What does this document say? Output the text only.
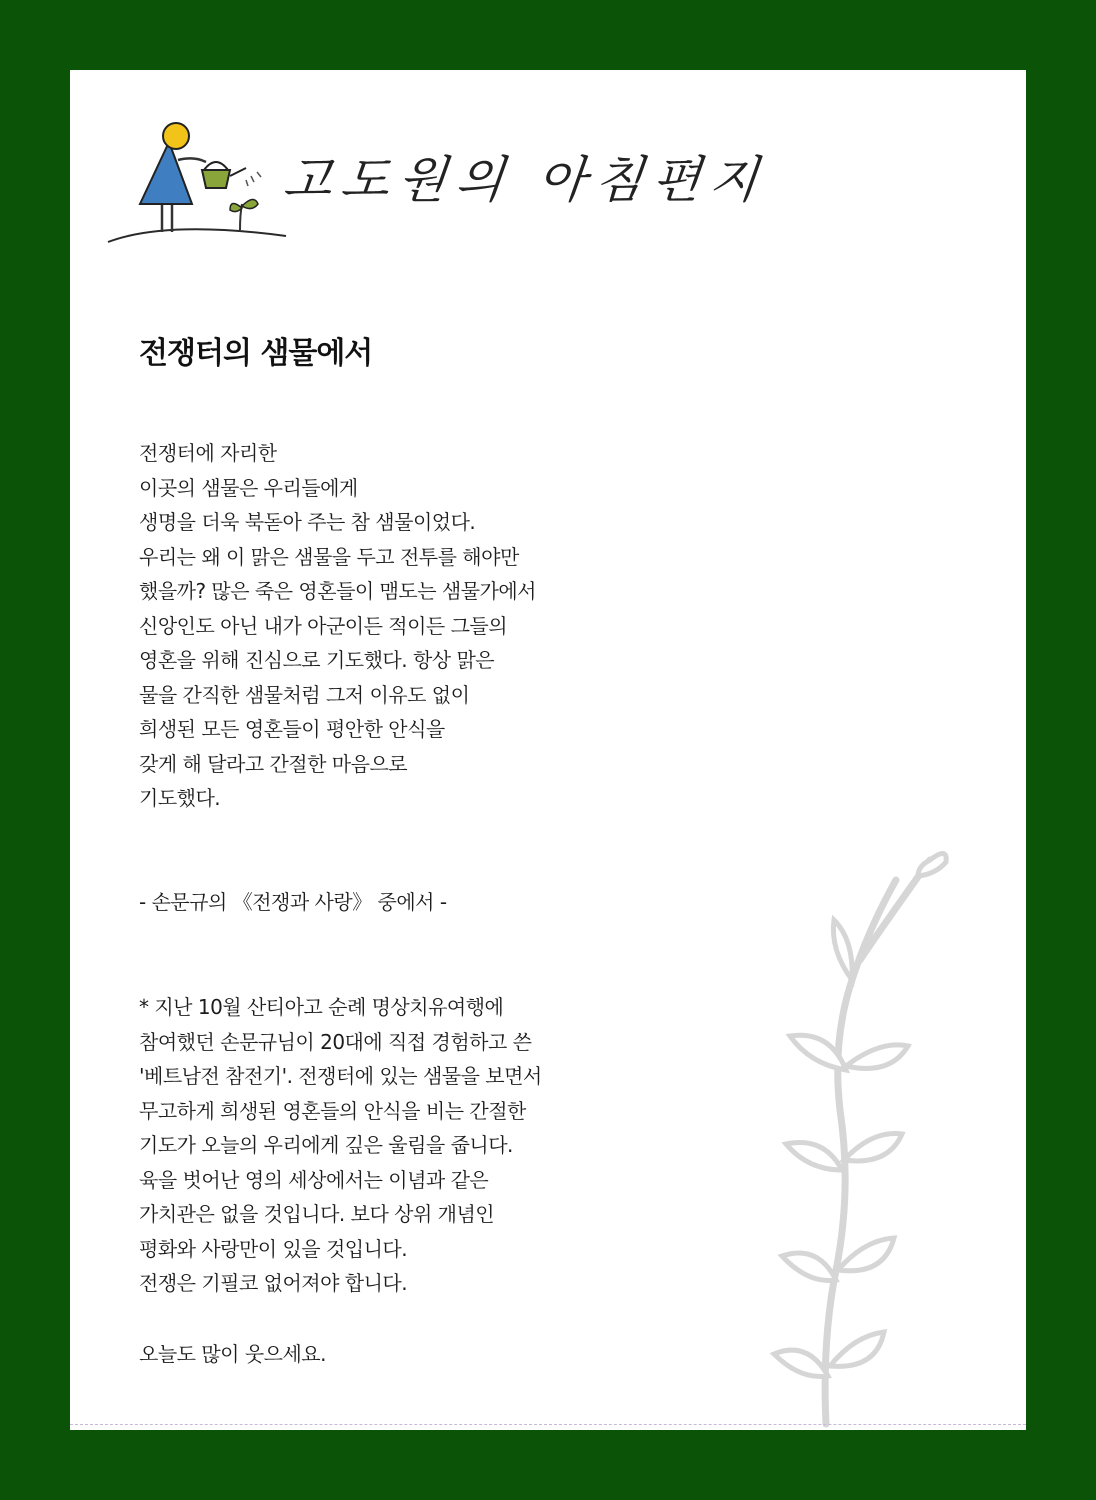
고도원의 아침편지
전쟁터의 샘물에서
전쟁터에 자리한
이곳의 샘물은 우리들에게
생명을 더욱 북돋아 주는 참 샘물이었다.
우리는 왜 이 맑은 샘물을 두고 전투를 해야만
했을까? 많은 죽은 영혼들이 맴도는 샘물가에서
신앙인도 아닌 내가 아군이든 적이든 그들의
영혼을 위해 진심으로 기도했다. 항상 맑은
물을 간직한 샘물처럼 그저 이유도 없이
희생된 모든 영혼들이 평안한 안식을
갖게 해 달라고 간절한 마음으로
기도했다.
- 손문규의 《전쟁과 사랑》 중에서 -
* 지난 10월 산티아고 순례 명상치유여행에
참여했던 손문규님이 20대에 직접 경험하고 쓴
'베트남전 참전기'. 전쟁터에 있는 샘물을 보면서
무고하게 희생된 영혼들의 안식을 비는 간절한
기도가 오늘의 우리에게 깊은 울림을 줍니다.
육을 벗어난 영의 세상에서는 이념과 같은
가치관은 없을 것입니다. 보다 상위 개념인
평화와 사랑만이 있을 것입니다.
전쟁은 기필코 없어져야 합니다.
오늘도 많이 웃으세요.
